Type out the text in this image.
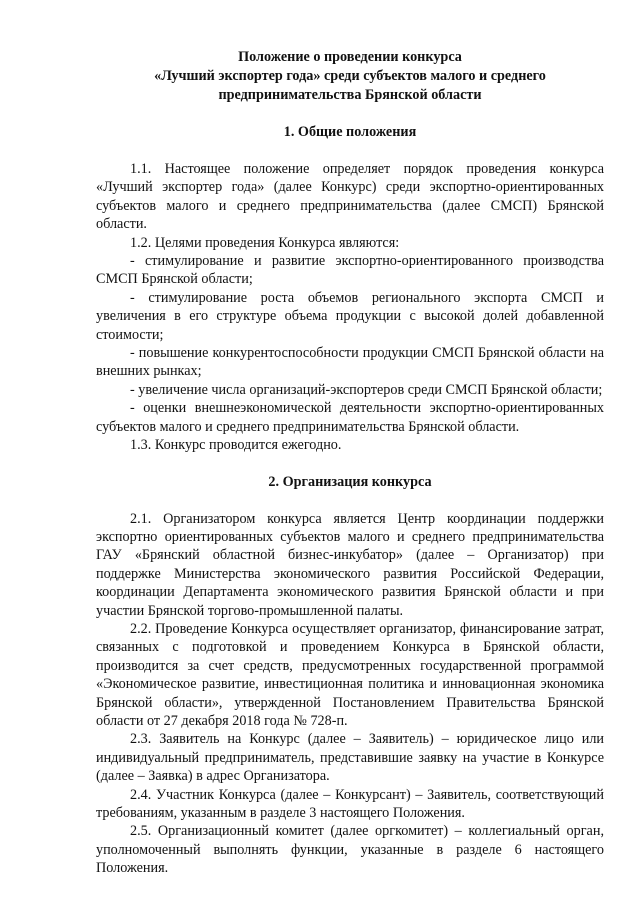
Положение о проведении конкурса
«Лучший экспортер года» среди субъектов малого и среднего
предпринимательства Брянской области
1. Общие положения
1.1. Настоящее положение определяет порядок проведения конкурса «Лучший экспортер года» (далее Конкурс) среди экспортно-ориентированных субъектов малого и среднего предпринимательства (далее СМСП) Брянской области.
1.2. Целями проведения Конкурса являются:
- стимулирование и развитие экспортно-ориентированного производства СМСП Брянской области;
- стимулирование роста объемов регионального экспорта СМСП и увеличения в его структуре объема продукции с высокой долей добавленной стоимости;
- повышение конкурентоспособности продукции СМСП Брянской области на внешних рынках;
- увеличение числа организаций-экспортеров среди СМСП Брянской области;
- оценки внешнеэкономической деятельности экспортно-ориентированных субъектов малого и среднего предпринимательства Брянской области.
1.3. Конкурс проводится ежегодно.
2. Организация конкурса
2.1. Организатором конкурса является Центр координации поддержки экспортно ориентированных субъектов малого и среднего предпринимательства ГАУ «Брянский областной бизнес-инкубатор» (далее – Организатор) при поддержке Министерства экономического развития Российской Федерации, координации Департамента экономического развития Брянской области и при участии Брянской торгово-промышленной палаты.
2.2. Проведение Конкурса осуществляет организатор, финансирование затрат, связанных с подготовкой и проведением Конкурса в Брянской области, производится за счет средств, предусмотренных государственной программой «Экономическое развитие, инвестиционная политика и инновационная экономика Брянской области», утвержденной Постановлением Правительства Брянской области от 27 декабря 2018 года № 728-п.
2.3. Заявитель на Конкурс (далее – Заявитель) – юридическое лицо или индивидуальный предприниматель, представившие заявку на участие в Конкурсе (далее – Заявка) в адрес Организатора.
2.4. Участник Конкурса (далее – Конкурсант) – Заявитель, соответствующий требованиям, указанным в разделе 3 настоящего Положения.
2.5. Организационный комитет (далее оргкомитет) – коллегиальный орган, уполномоченный выполнять функции, указанные в разделе 6 настоящего Положения.
